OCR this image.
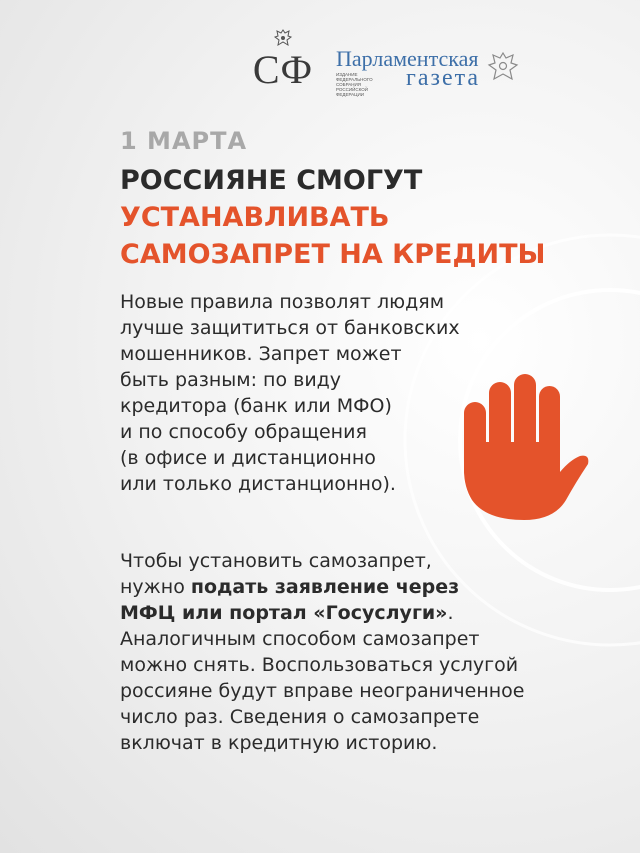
СФ	Парламентская
ИЗДАНИЕ ФЕДЕРАЛЬНОГО СОБРАНИЯ РОССИЙСКОЙ ФЕДЕРАЦИИ
газета
1 МАРТА
РОССИЯНЕ СМОГУТ
УСТАНАВЛИВАТЬ
САМОЗАПРЕТ НА КРЕДИТЫ
Новые правила позволят людям
лучше защититься от банковских
мошенников. Запрет может
быть разным: по виду
кредитора (банк или МФО)
и по способу обращения
(в офисе и дистанционно
или только дистанционно).
Чтобы установить самозапрет,
нужно подать заявление через
МФЦ или портал «Госуслуги».
Аналогичным способом самозапрет
можно снять. Воспользоваться услугой
россияне будут вправе неограниченное
число раз. Сведения о самозапрете
включат в кредитную историю.
